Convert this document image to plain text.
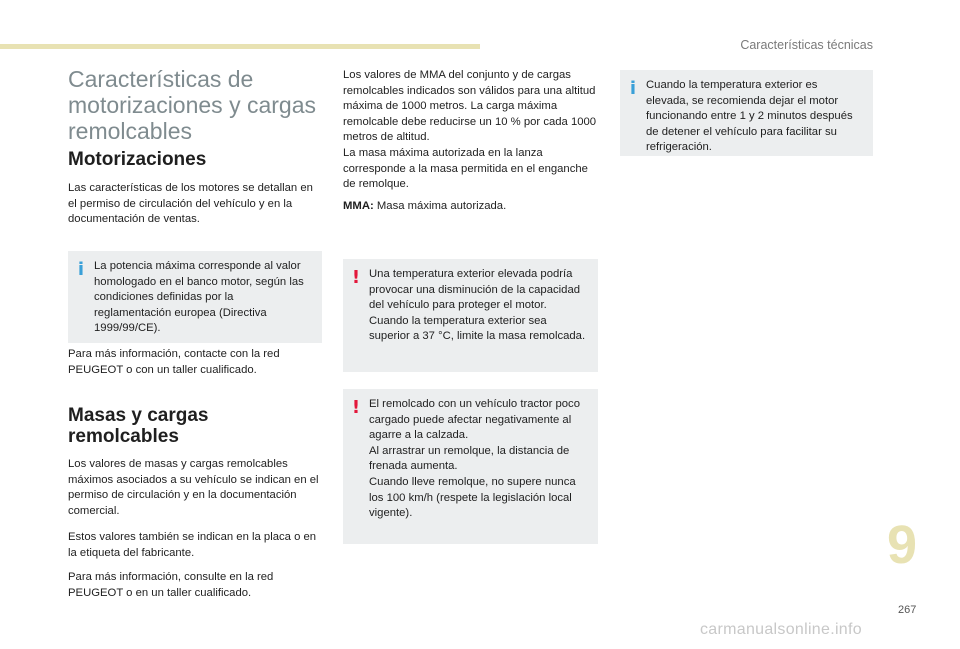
Características técnicas
Características de
motorizaciones y cargas
remolcables
Motorizaciones

Las características de los motores se detallan en el permiso de circulación del vehículo y en la documentación de ventas.

i La potencia máxima corresponde al valor homologado en el banco motor, según las condiciones definidas por la reglamentación europea (Directiva 1999/99/CE).

Para más información, contacte con la red PEUGEOT o con un taller cualificado.

Masas y cargas
remolcables

Los valores de masas y cargas remolcables máximos asociados a su vehículo se indican en el permiso de circulación y en la documentación comercial.

Estos valores también se indican en la placa o en la etiqueta del fabricante.

Para más información, consulte en la red PEUGEOT o en un taller cualificado.

Los valores de MMA del conjunto y de cargas remolcables indicados son válidos para una altitud máxima de 1000 metros. La carga máxima remolcable debe reducirse un 10 % por cada 1000 metros de altitud.
La masa máxima autorizada en la lanza corresponde a la masa permitida en el enganche de remolque.

MMA: Masa máxima autorizada.

! Una temperatura exterior elevada podría provocar una disminución de la capacidad del vehículo para proteger el motor. Cuando la temperatura exterior sea superior a 37 °C, limite la masa remolcada.

! El remolcado con un vehículo tractor poco cargado puede afectar negativamente al agarre a la calzada.
Al arrastrar un remolque, la distancia de frenada aumenta.
Cuando lleve remolque, no supere nunca los 100 km/h (respete la legislación local vigente).

i Cuando la temperatura exterior es elevada, se recomienda dejar el motor funcionando entre 1 y 2 minutos después de detener el vehículo para facilitar su refrigeración.

9
267
carmanualsonline.info
